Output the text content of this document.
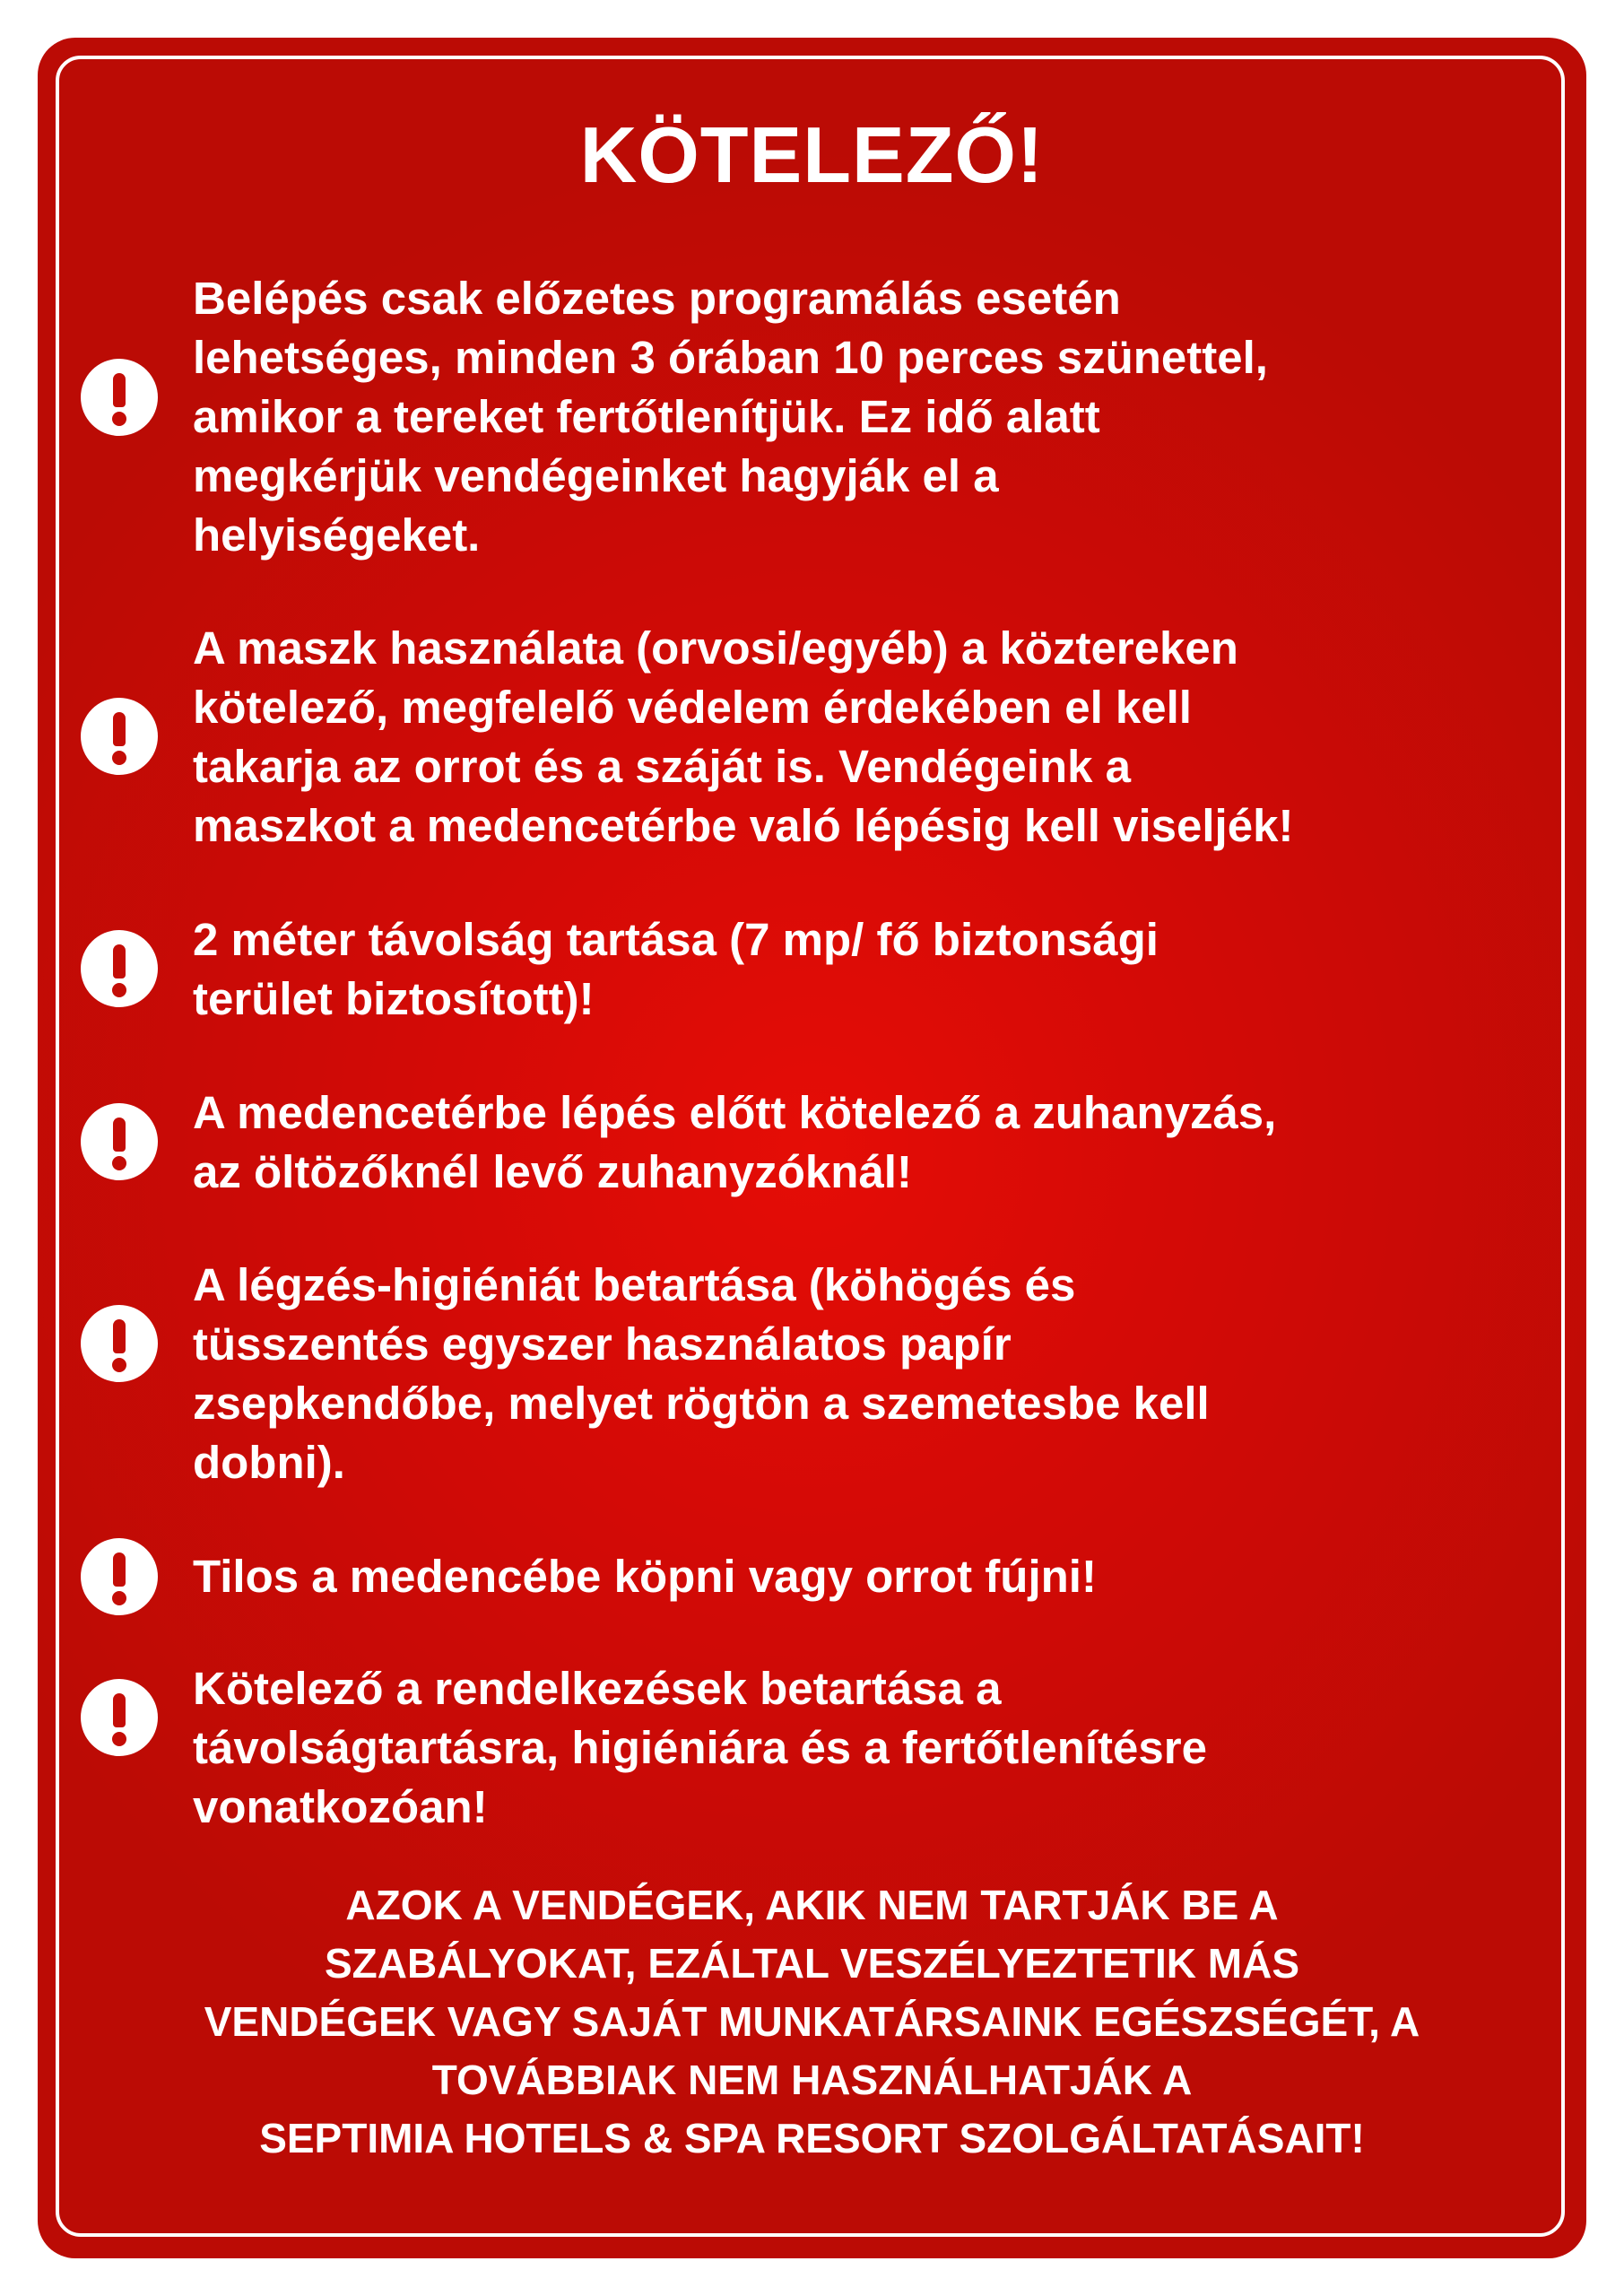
KÖTELEZŐ!
Belépés csak előzetes programálás esetén
lehetséges, minden 3 órában 10 perces szünettel,
amikor a tereket fertőtlenítjük. Ez idő alatt
megkérjük vendégeinket hagyják el a
helyiségeket.
A maszk használata (orvosi/egyéb) a köztereken
kötelező, megfelelő védelem érdekében el kell
takarja az orrot és a száját is. Vendégeink a
maszkot a medencetérbe való lépésig kell viseljék!
2 méter távolság tartása (7 mp/ fő biztonsági
terület biztosított)!
A medencetérbe lépés előtt kötelező a zuhanyzás,
az öltözőknél levő zuhanyzóknál!
A légzés-higiéniát betartása (köhögés és
tüsszentés egyszer használatos papír
zsepkendőbe, melyet rögtön a szemetesbe kell
dobni).
Tilos a medencébe köpni vagy orrot fújni!
Kötelező a rendelkezések betartása a
távolságtartásra, higiéniára és a fertőtlenítésre
vonatkozóan!
AZOK A VENDÉGEK, AKIK NEM TARTJÁK BE A
SZABÁLYOKAT, EZÁLTAL VESZÉLYEZTETIK MÁS
VENDÉGEK VAGY SAJÁT MUNKATÁRSAINK EGÉSZSÉGÉT, A
TOVÁBBIAK NEM HASZNÁLHATJÁK A
SEPTIMIA HOTELS & SPA RESORT SZOLGÁLTATÁSAIT!
